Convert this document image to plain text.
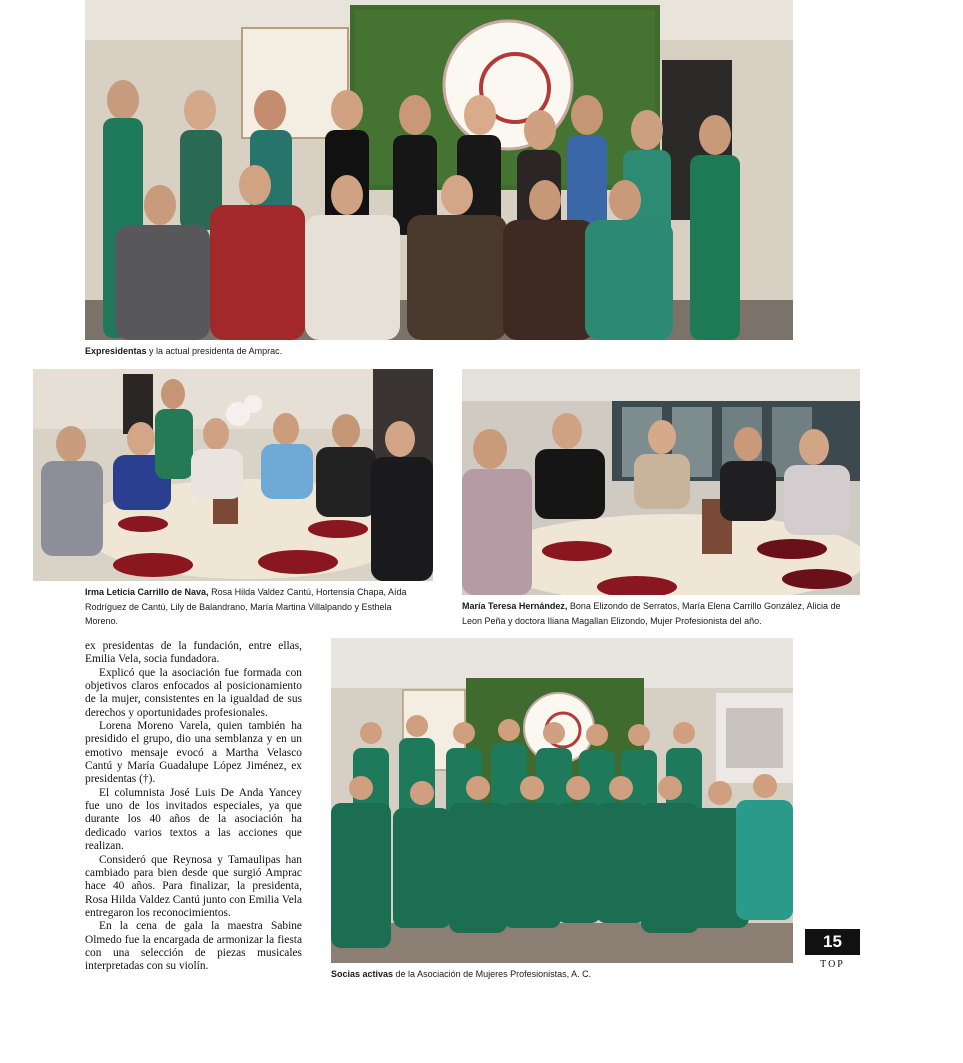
Expresidentas y la actual presidenta de Amprac.
Irma Leticia Carrillo de Nava, Rosa Hilda Valdez Cantú, Hortensia Chapa, Aída Rodríguez de Cantú, Lily de Balandrano, María Martina Villalpando y Esthela Moreno.
María Teresa Hernández, Bona Elizondo de Serratos, María Elena Carrillo González, Alicia de Leon Peña y doctora Iliana Magallan Elizondo, Mujer Profesionista del año.

ex presidentas de la fundación, entre ellas, Emilia Vela, socia fundadora.

Explicó que la asociación fue formada con objetivos claros enfocados al posicionamiento de la mujer, consistentes en la igualdad de sus derechos y oportunidades profesionales.

Lorena Moreno Varela, quien también ha presidido el grupo, dio una semblanza y en un emotivo mensaje evocó a Martha Velasco Cantú y María Guadalupe López Jiménez, ex presidentas (†).

El columnista José Luis De Anda Yancey fue uno de los invitados especiales, ya que durante los 40 años de la asociación ha dedicado varios textos a las acciones que realizan.

Consideró que Reynosa y Tamaulipas han cambiado para bien desde que surgió Amprac hace 40 años. Para finalizar, la presidenta, Rosa Hilda Valdez Cantú junto con Emilia Vela entregaron los reconocimientos.

En la cena de gala la maestra Sabine Olmedo fue la encargada de armonizar la fiesta con una selección de piezas musicales interpretadas con su violín.

Socias activas de la Asociación de Mujeres Profesionistas, A. C.
15
TOP
